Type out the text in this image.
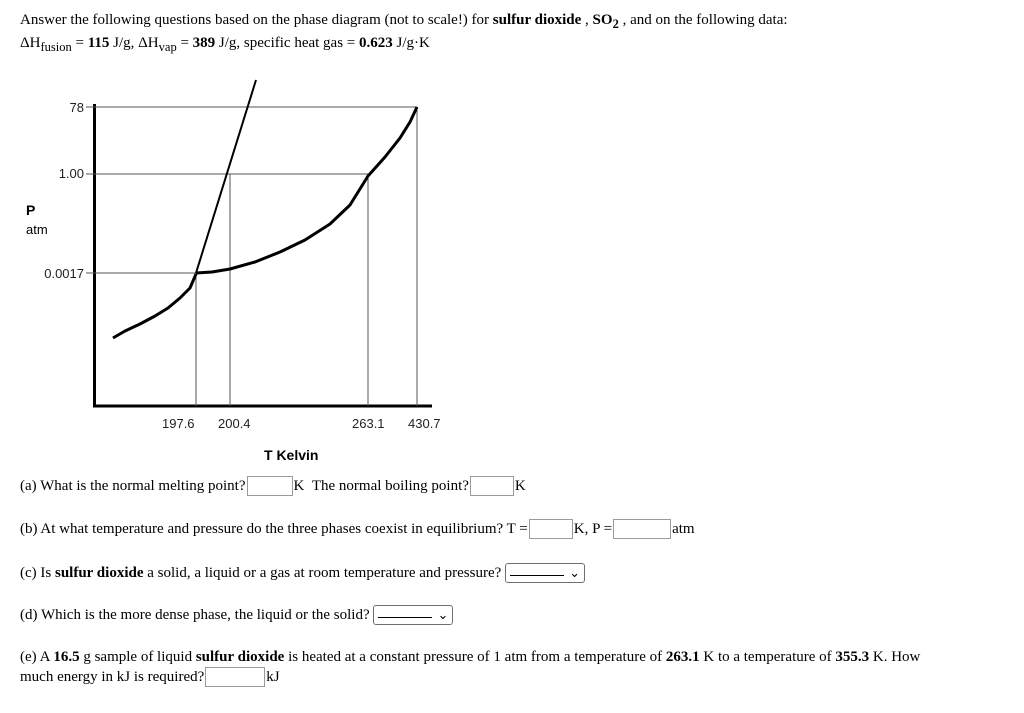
Answer the following questions based on the phase diagram (not to scale!) for sulfur dioxide , $SO_2$ , and on the following data:
$\Delta H_{fusion} = 115$ J/g, $\Delta H_{vap} = 389$ J/g, specific heat gas = 0.623 J/g·K
78
1.00
0.0017
P
atm
197.6 200.4	263.1 430.7
T Kelvin
(a) What is the normal melting point?	K The normal boiling point?	K
(b) At what temperature and pressure do the three phases coexist in equilibrium? T =	K, P =	atm
(c) Is sulfur dioxide a solid, a liquid or a gas at room temperature and pressure?	⌄
(d) Which is the more dense phase, the liquid or the solid?	⌄
(e) A 16.5 g sample of liquid sulfur dioxide is heated at a constant pressure of 1 atm from a temperature of 263.1 K to a temperature of 355.3 K. How
much energy in kJ is required?	kJ
